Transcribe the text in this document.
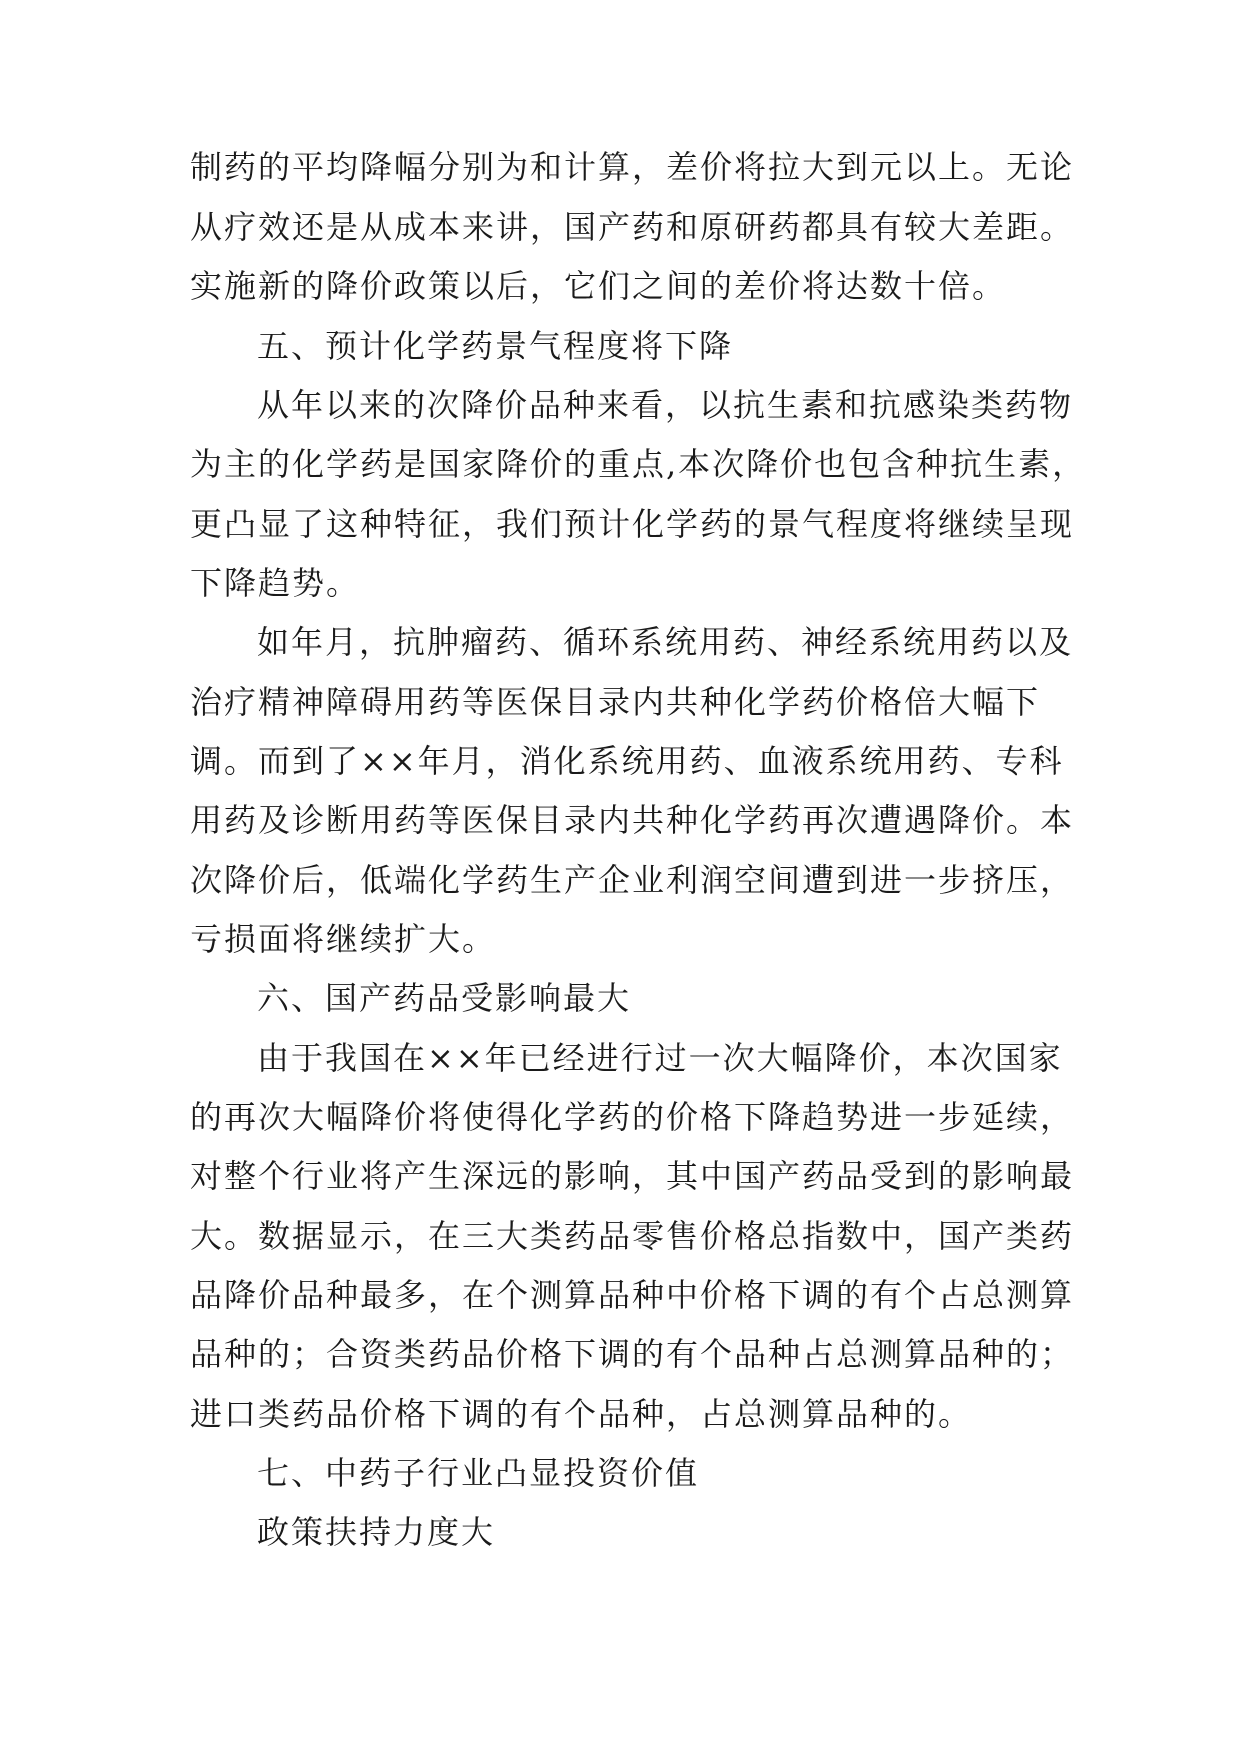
制药的平均降幅分别为和计算，差价将拉大到元以上。无论
从疗效还是从成本来讲，国产药和原研药都具有较大差距。
实施新的降价政策以后，它们之间的差价将达数十倍。
五、预计化学药景气程度将下降
从年以来的次降价品种来看，以抗生素和抗感染类药物
为主的化学药是国家降价的重点,本次降价也包含种抗生素，
更凸显了这种特征，我们预计化学药的景气程度将继续呈现
下降趋势。
如年月，抗肿瘤药、循环系统用药、神经系统用药以及
治疗精神障碍用药等医保目录内共种化学药价格倍大幅下
调。而到了××年月，消化系统用药、血液系统用药、专科
用药及诊断用药等医保目录内共种化学药再次遭遇降价。本
次降价后，低端化学药生产企业利润空间遭到进一步挤压，
亏损面将继续扩大。
六、国产药品受影响最大
由于我国在××年已经进行过一次大幅降价，本次国家
的再次大幅降价将使得化学药的价格下降趋势进一步延续，
对整个行业将产生深远的影响，其中国产药品受到的影响最
大。数据显示，在三大类药品零售价格总指数中，国产类药
品降价品种最多，在个测算品种中价格下调的有个占总测算
品种的；合资类药品价格下调的有个品种占总测算品种的；
进口类药品价格下调的有个品种，占总测算品种的。
七、中药子行业凸显投资价值
政策扶持力度大
